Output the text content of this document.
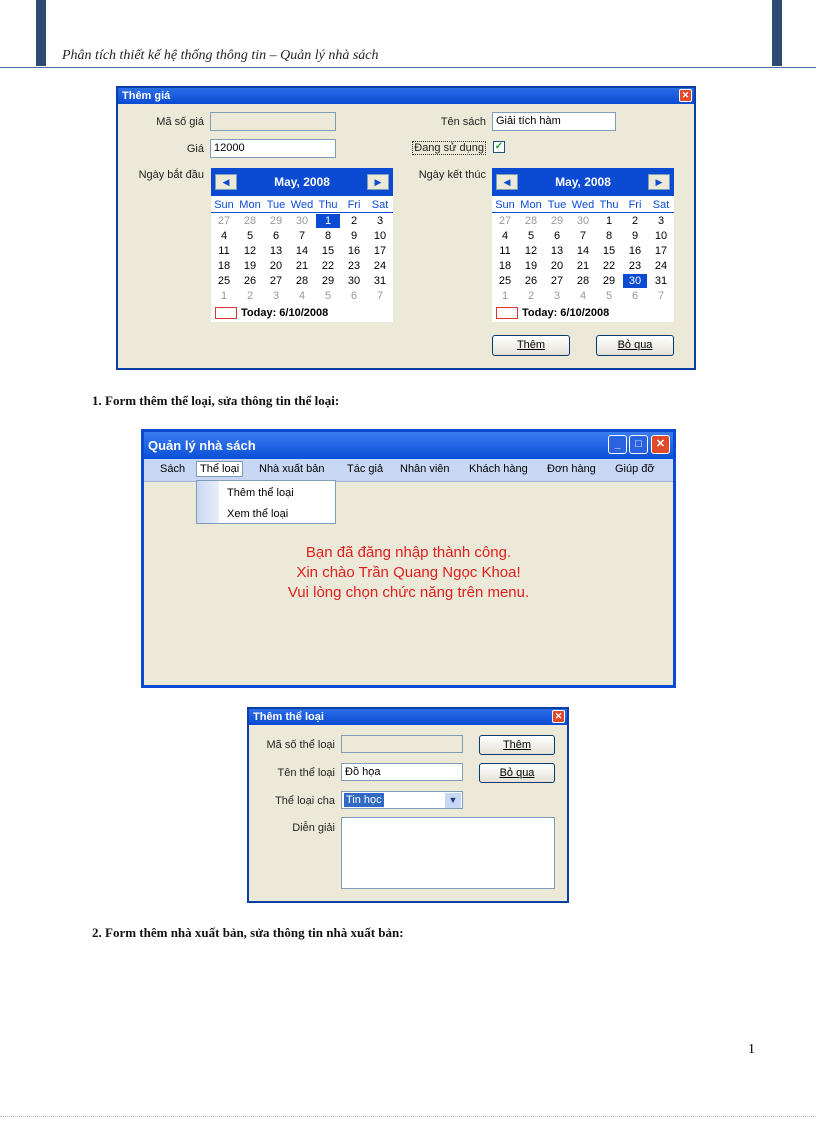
Phân tích thiết kế hệ thống thông tin – Quản lý nhà sách
Thêm giá	✕
Mã số giá
Giá 12000
Ngày bắt đầu
Tên sách Giải tích hàm
Đang sử dụng ✓
Ngày kết thúc
May, 2008
◀	▶
Sun Mon Tue Wed Thu Fri	Sat
27	28	29	30	1	2	3
4	5	6	7	8	9	10
11	12	13	14	15	16	17
18	19	20	21	22	23	24
25	26	27	28	29	30	31
1	2	3	4	5	6	7
Today: 6/10/2008
May, 2008
◀	▶
Sun Mon Tue Wed Thu Fri	Sat
27	28	29	30	1	2	3
4	5	6	7	8	9	10
11	12	13	14	15	16	17
18	19	20	21	22	23	24
25	26	27	28	29	30	31
1	2	3	4	5	6	7
Today: 6/10/2008
Thêm	Bỏ qua
1. Form thêm thể loại, sửa thông tin thể loại:
Quản lý nhà sách	_	□	✕
Sách	Thể loại	Nhà xuất bản Tác giả Nhân viên Khách hàng Đơn hàng Giúp đỡ
Thêm thể loại
Xem thể loại
Bạn đã đăng nhập thành công.
Xin chào Trần Quang Ngọc Khoa!
Vui lòng chọn chức năng trên menu.
Thêm thể loại	✕
Mã số thể loại
Tên thể loại Đồ họa
Thể loại cha Tin học	▼
Diễn giải
Thêm
Bỏ qua
2. Form thêm nhà xuất bản, sửa thông tin nhà xuất bản:
1
